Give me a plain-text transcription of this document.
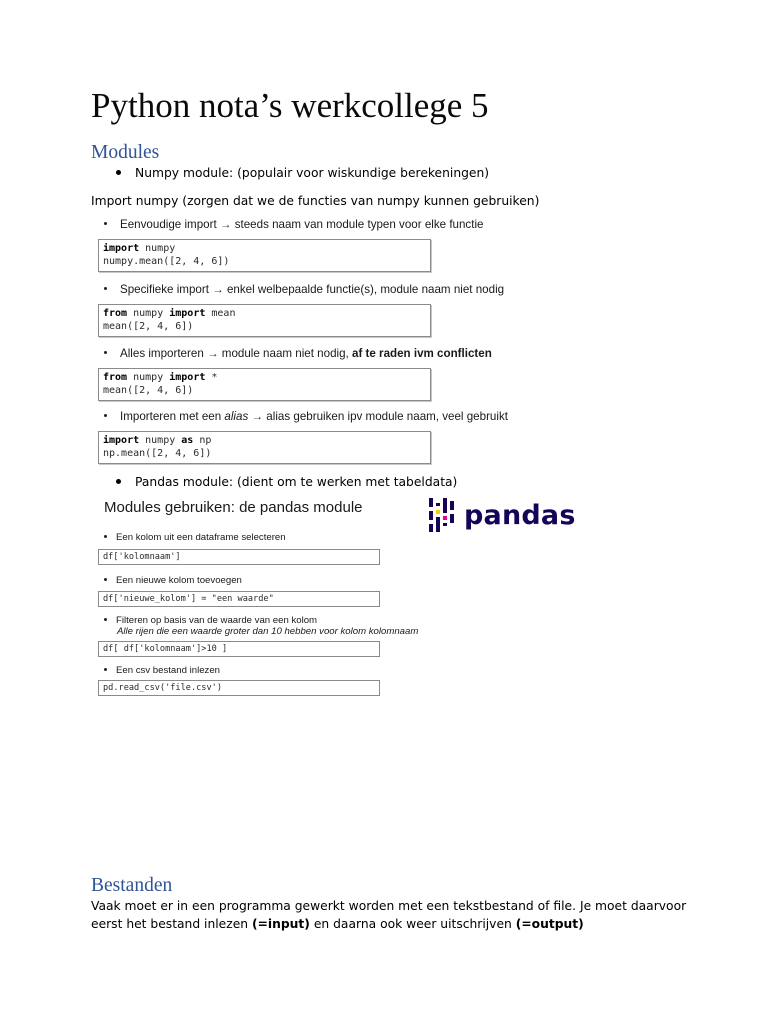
Python nota’s werkcollege 5
Modules
Numpy module: (populair voor wiskundige berekeningen)
Import numpy (zorgen dat we de functies van numpy kunnen gebruiken)
Eenvoudige import → steeds naam van module typen voor elke functie
import numpy
numpy.mean([2, 4, 6])
Specifieke import → enkel welbepaalde functie(s), module naam niet nodig
from numpy import mean
mean([2, 4, 6])
Alles importeren → module naam niet nodig, af te raden ivm conflicten
from numpy import *
mean([2, 4, 6])
Importeren met een alias → alias gebruiken ipv module naam, veel gebruikt
import numpy as np
np.mean([2, 4, 6])
Pandas module: (dient om te werken met tabeldata)
Modules gebruiken: de pandas module	pandas
Een kolom uit een dataframe selecteren
df['kolomnaam']
Een nieuwe kolom toevoegen
df['nieuwe_kolom'] = "een waarde"
Filteren op basis van de waarde van een kolom
Alle rijen die een waarde groter dan 10 hebben voor kolom kolomnaam
df[ df['kolomnaam']>10 ]
Een csv bestand inlezen
pd.read_csv('file.csv')
Bestanden
Vaak moet er in een programma gewerkt worden met een tekstbestand of file. Je moet daarvoor
eerst het bestand inlezen (=input) en daarna ook weer uitschrijven (=output)
